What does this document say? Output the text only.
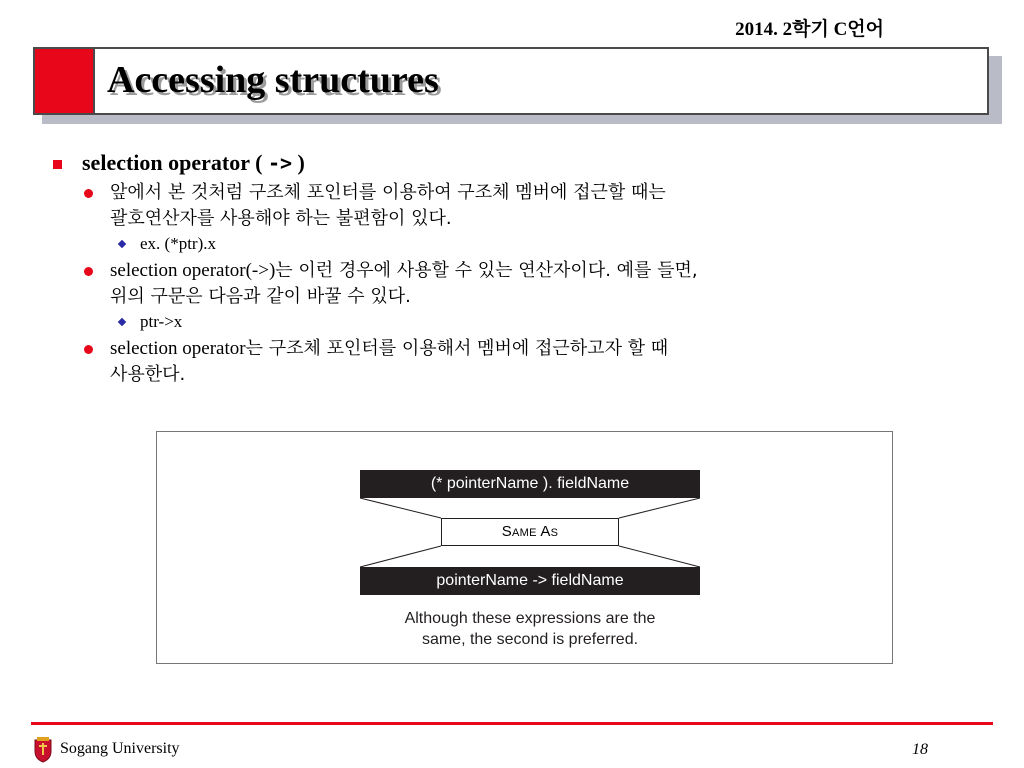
2014. 2학기 C언어
Accessing structures
selection operator ( -> )
앞에서 본 것처럼 구조체 포인터를 이용하여 구조체 멤버에 접근할 때는
괄호연산자를 사용해야 하는 불편함이 있다.
ex. (*ptr).x
selection operator(->)는 이런 경우에 사용할 수 있는 연산자이다. 예를 들면,
위의 구문은 다음과 같이 바꿀 수 있다.
ptr->x
selection operator는 구조체 포인터를 이용해서 멤버에 접근하고자 할 때
사용한다.
(* pointerName ). fieldName
Same As
pointerName -> fieldName
Although these expressions are the
same, the second is preferred.
Sogang University	18
